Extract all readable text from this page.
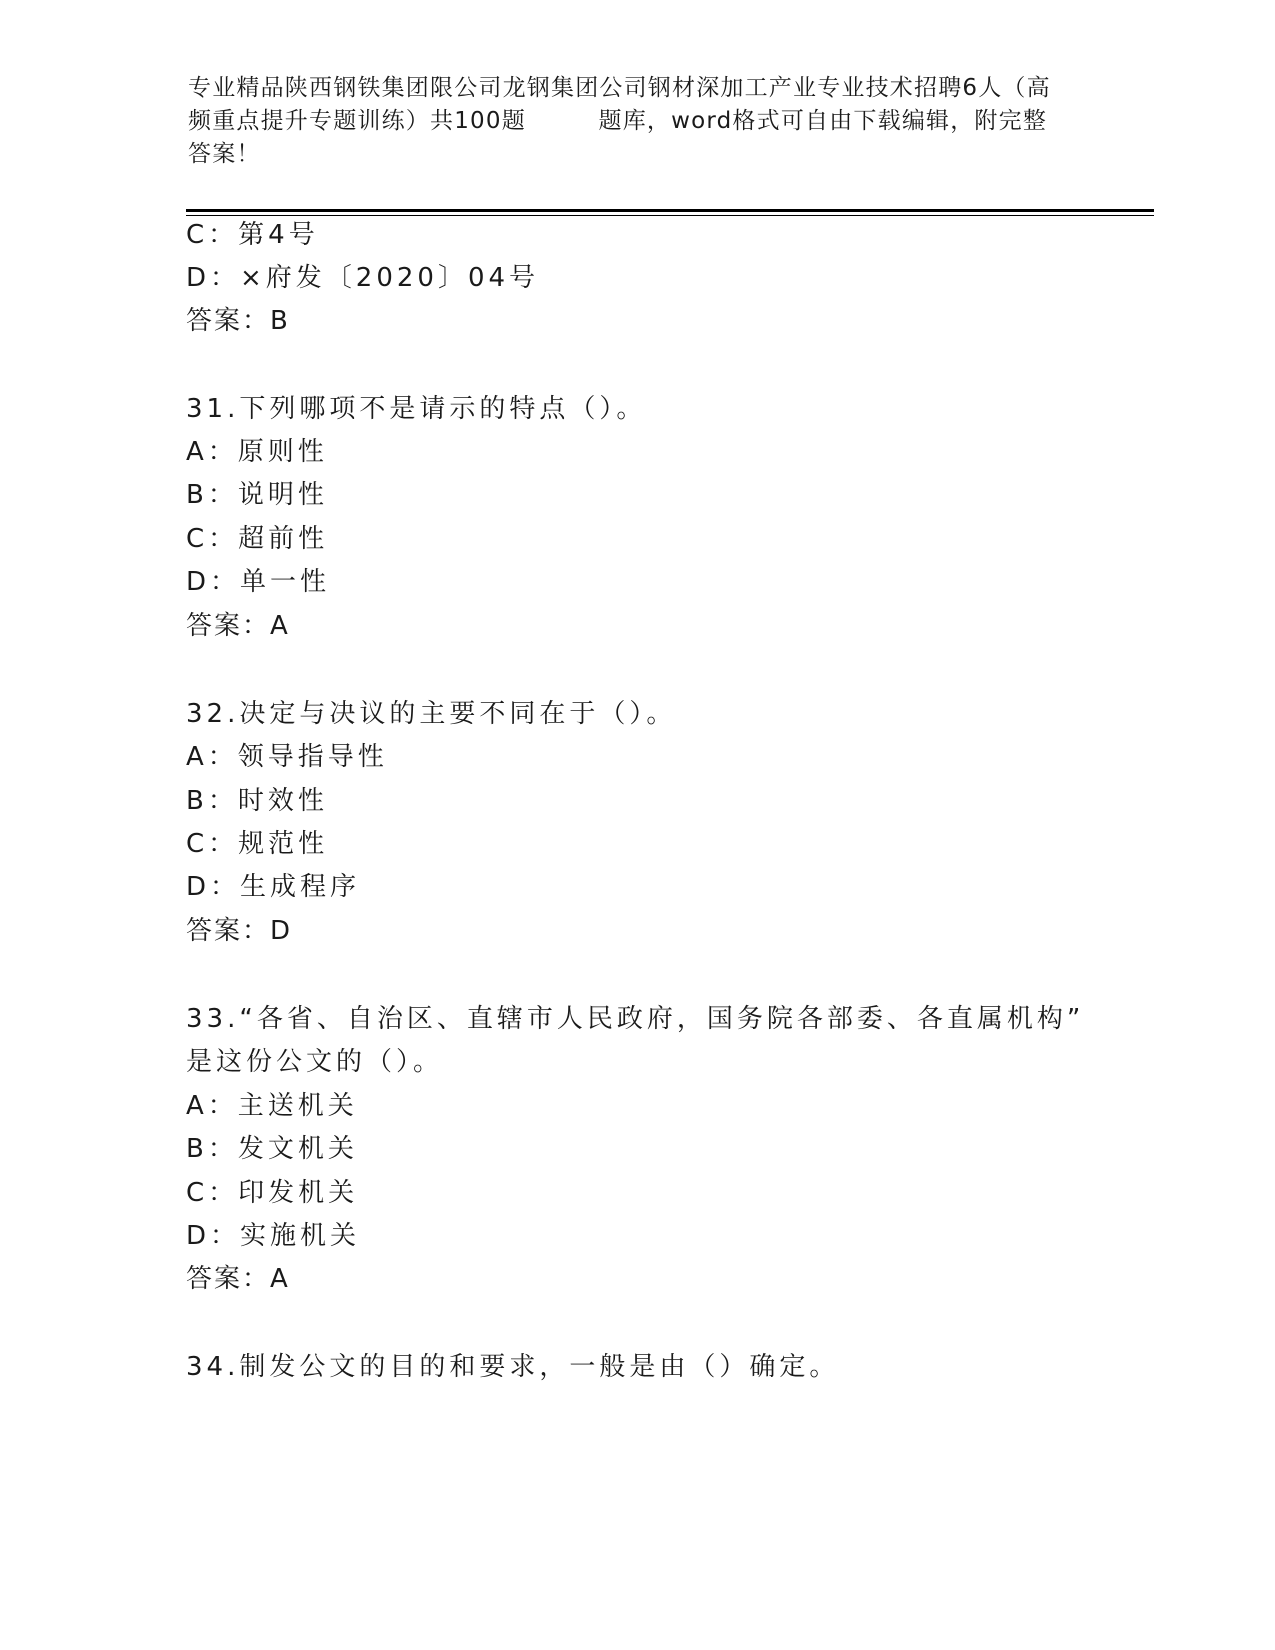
专业精品陕西钢铁集团限公司龙钢集团公司钢材深加工产业专业技术招聘6人（高
频重点提升专题训练）共100题　　　题库，word格式可自由下载编辑，附完整
答案！
C：第4号
D：×府发〔2020〕04号
答案：B
31.下列哪项不是请示的特点（）。
A：原则性
B：说明性
C：超前性
D：单一性
答案：A
32.决定与决议的主要不同在于（）。
A：领导指导性
B：时效性
C：规范性
D：生成程序
答案：D
33.“各省、自治区、直辖市人民政府，国务院各部委、各直属机构”
是这份公文的（）。
A：主送机关
B：发文机关
C：印发机关
D：实施机关
答案：A
34.制发公文的目的和要求，一般是由（）确定。
